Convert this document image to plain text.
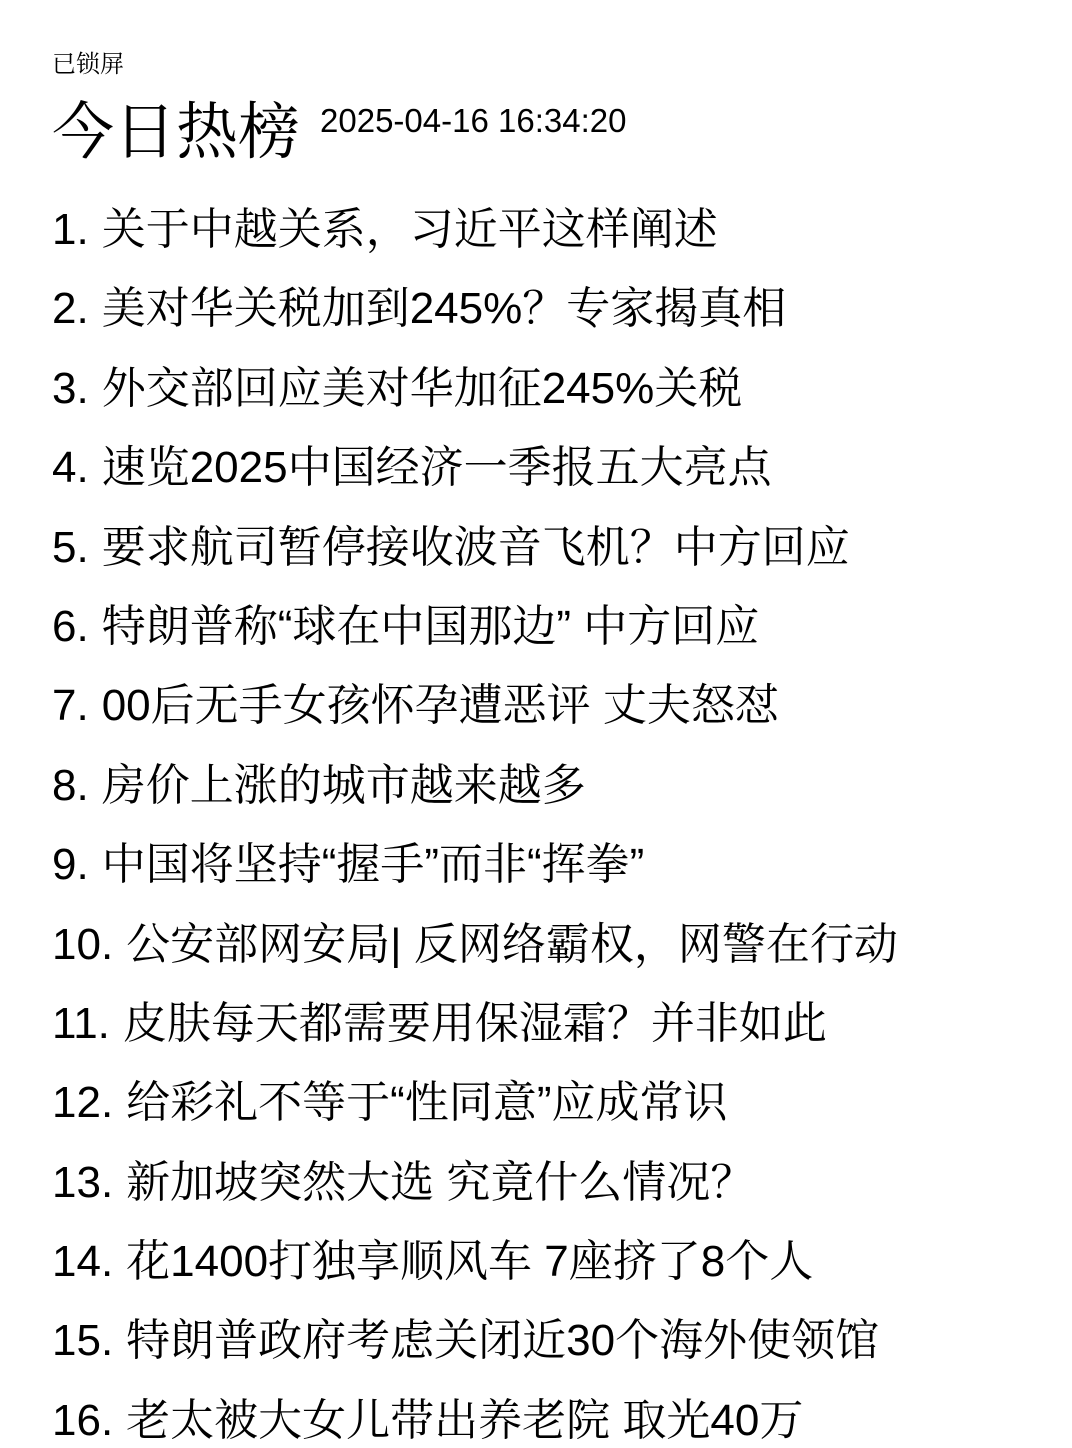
已锁屏
今日热榜 2025-04-16 16:34:20
1. 关于中越关系，习近平这样阐述
2. 美对华关税加到245%？专家揭真相
3. 外交部回应美对华加征245%关税
4. 速览2025中国经济一季报五大亮点
5. 要求航司暂停接收波音飞机？中方回应
6. 特朗普称“球在中国那边” 中方回应
7. 00后无手女孩怀孕遭恶评 丈夫怒怼
8. 房价上涨的城市越来越多
9. 中国将坚持“握手”而非“挥拳”
10. 公安部网安局| 反网络霸权，网警在行动
11. 皮肤每天都需要用保湿霜？并非如此
12. 给彩礼不等于“性同意”应成常识
13. 新加坡突然大选 究竟什么情况？
14. 花1400打独享顺风车 7座挤了8个人
15. 特朗普政府考虑关闭近30个海外使领馆
16. 老太被大女儿带出养老院 取光40万
